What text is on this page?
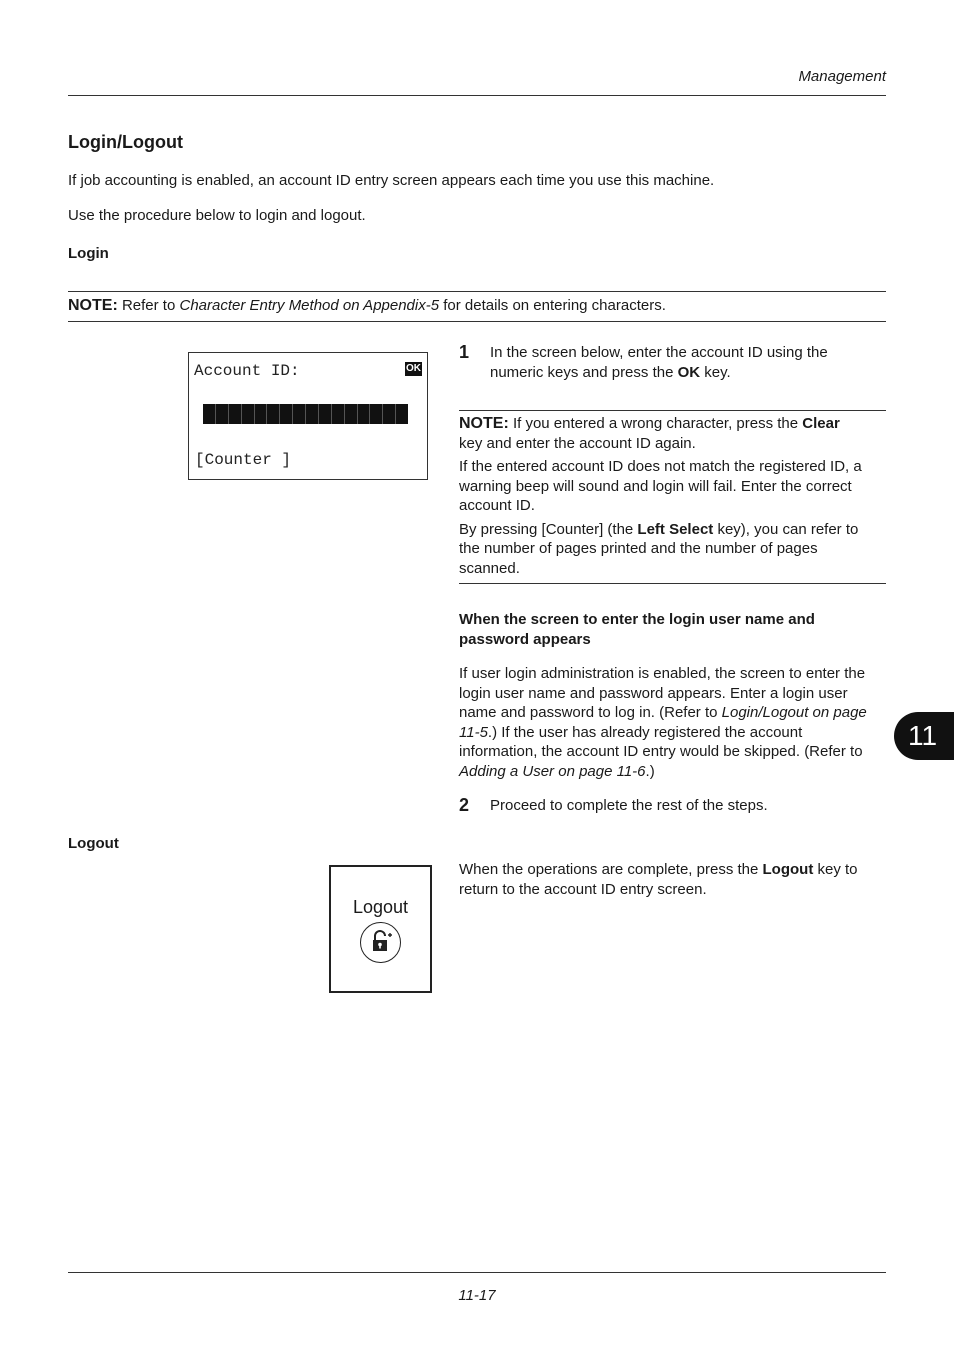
Management
Login/Logout
If job accounting is enabled, an account ID entry screen appears each time you use this machine.
Use the procedure below to login and logout.
Login
NOTE: Refer to Character Entry Method on Appendix-5 for details on entering characters.
Account ID:	OK
[Counter ]
1 In the screen below, enter the account ID using the
numeric keys and press the OK key.
NOTE: If you entered a wrong character, press the Clear
key and enter the account ID again.
If the entered account ID does not match the registered ID, a
warning beep will sound and login will fail. Enter the correct
account ID.
By pressing [Counter] (the Left Select key), you can refer to
the number of pages printed and the number of pages
scanned.
When the screen to enter the login user name and
password appears
If user login administration is enabled, the screen to enter the
login user name and password appears. Enter a login user
name and password to log in. (Refer to Login/Logout on page
11-5.) If the user has already registered the account
information, the account ID entry would be skipped. (Refer to
Adding a User on page 11-6.)
2 Proceed to complete the rest of the steps.
Logout
Logout
When the operations are complete, press the Logout key to
return to the account ID entry screen.
11
11-17
